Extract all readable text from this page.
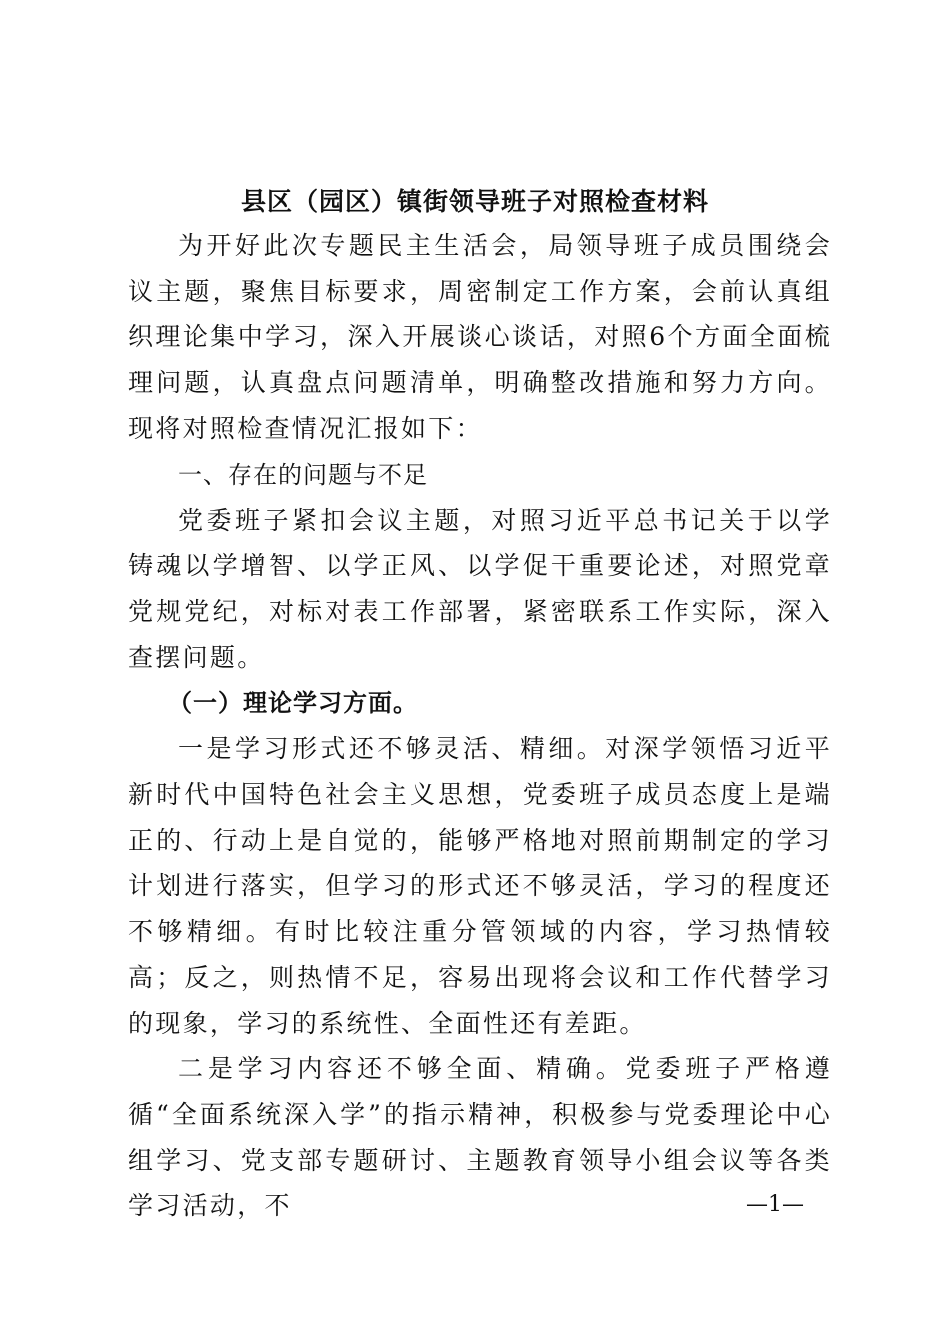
县区（园区）镇街领导班子对照检查材料

为开好此次专题民主生活会，局领导班子成员围绕会议主题，聚焦目标要求，周密制定工作方案，会前认真组织理论集中学习，深入开展谈心谈话，对照6个方面全面梳理问题，认真盘点问题清单，明确整改措施和努力方向。现将对照检查情况汇报如下：

一、存在的问题与不足

党委班子紧扣会议主题，对照习近平总书记关于以学铸魂以学增智、以学正风、以学促干重要论述，对照党章党规党纪，对标对表工作部署，紧密联系工作实际，深入查摆问题。

（一）理论学习方面。

一是学习形式还不够灵活、精细。对深学领悟习近平新时代中国特色社会主义思想，党委班子成员态度上是端正的、行动上是自觉的，能够严格地对照前期制定的学习计划进行落实，但学习的形式还不够灵活，学习的程度还不够精细。有时比较注重分管领域的内容，学习热情较高；反之，则热情不足，容易出现将会议和工作代替学习的现象，学习的系统性、全面性还有差距。

二是学习内容还不够全面、精确。党委班子严格遵循“全面系统深入学”的指示精神，积极参与党委理论中心组学习、党支部专题研讨、主题教育领导小组会议等各类学习活动，不	—1—
